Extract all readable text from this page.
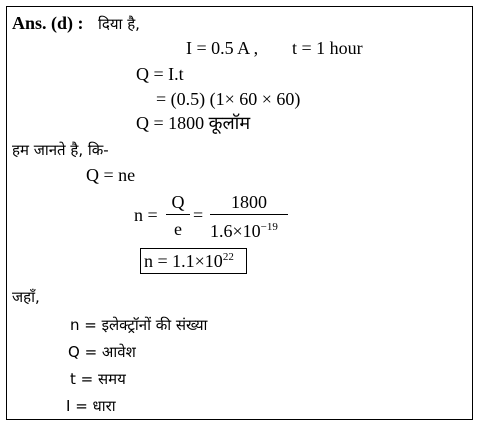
Ans. (d) : दिया है,
I = 0.5 A , t = 1 hour
Q = I.t
= (0.5) (1× 60 × 60)
Q = 1800 कूलॉम
हम जानते है, कि-
Q = ne
n =
Q
e
=
1800
$1.6\times 10^{-19}$
$n = 1.1\times 10^{22}$
जहाँ,
n = इलेक्ट्रॉनों की संख्या
Q = आवेश
t = समय
I = धारा
